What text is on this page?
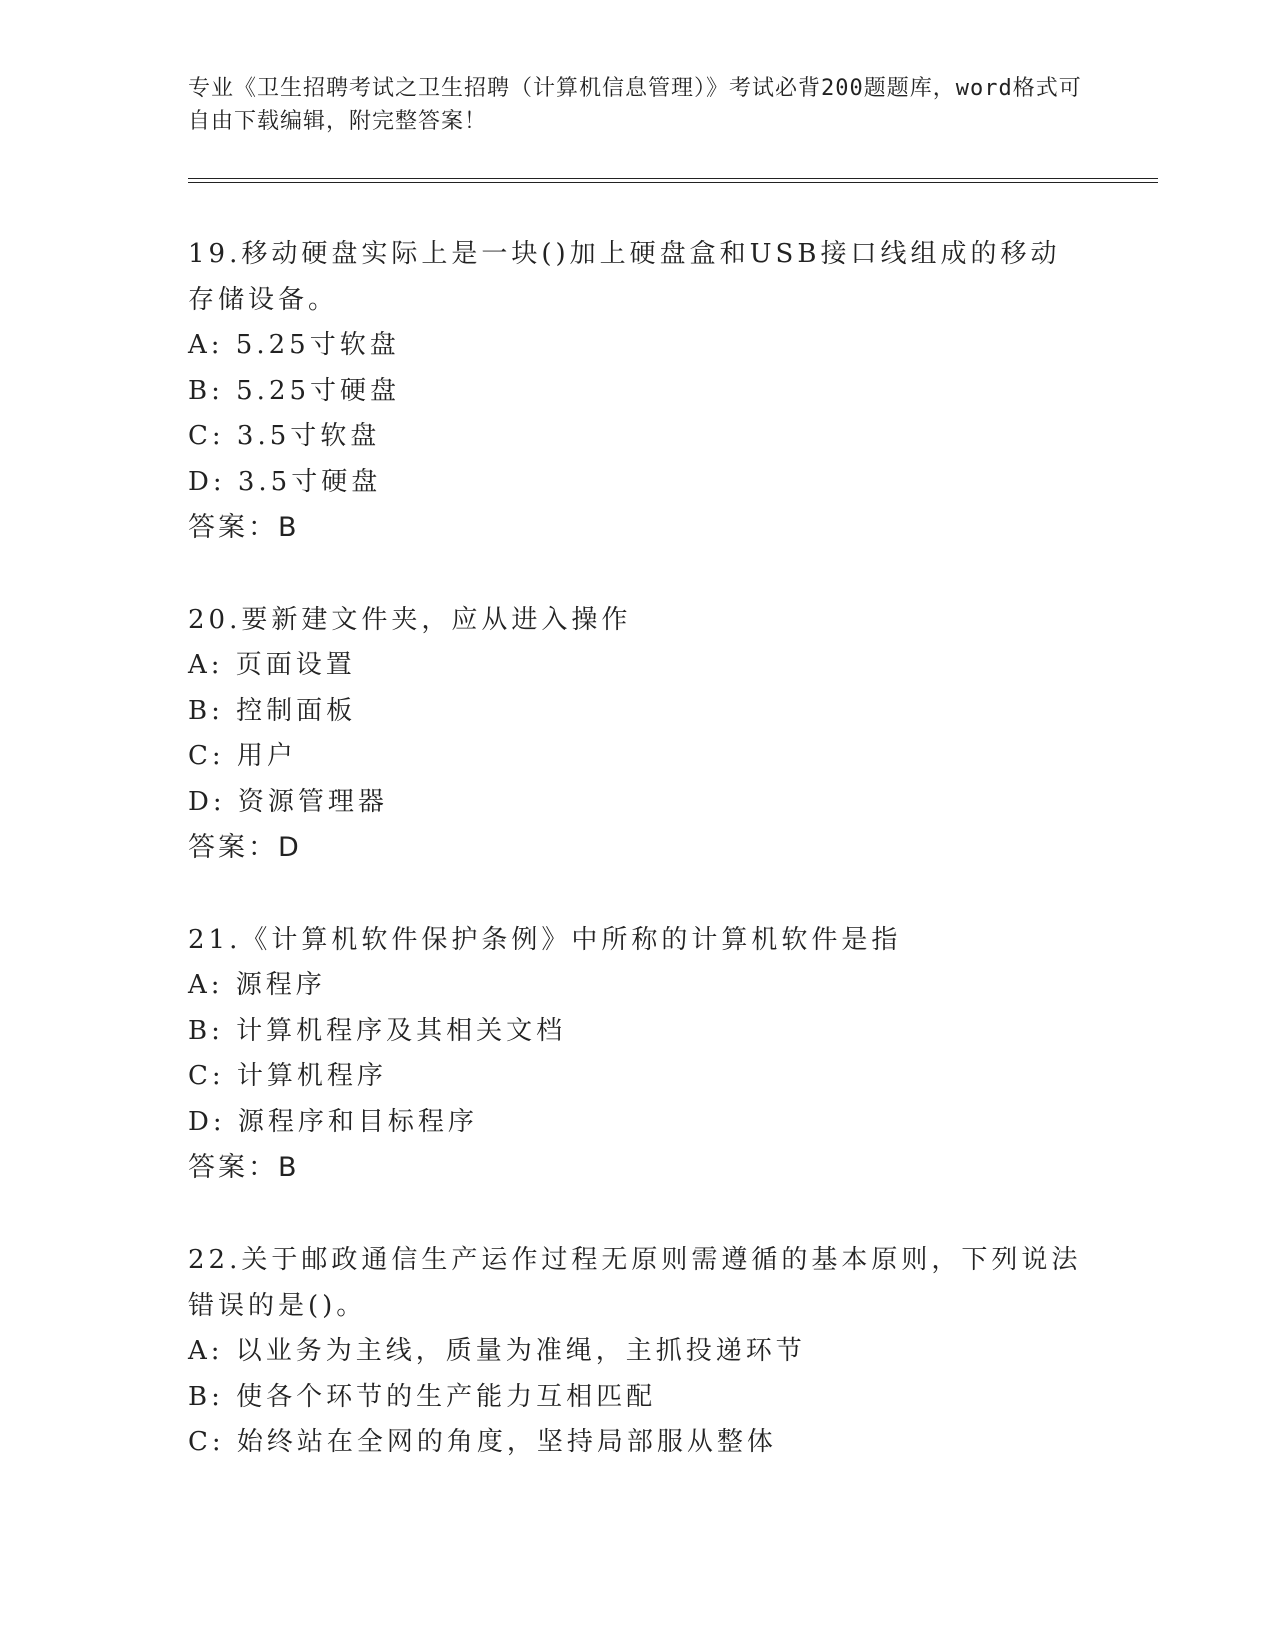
专业《卫生招聘考试之卫生招聘（计算机信息管理）》考试必背200题题库，word格式可自由下载编辑，附完整答案！
19.移动硬盘实际上是一块()加上硬盘盒和USB接口线组成的移动存储设备。
A: 5.25寸软盘
B: 5.25寸硬盘
C: 3.5寸软盘
D: 3.5寸硬盘
答案：B
20.要新建文件夹，应从进入操作
A: 页面设置
B: 控制面板
C: 用户
D: 资源管理器
答案：D
21.《计算机软件保护条例》中所称的计算机软件是指
A: 源程序
B: 计算机程序及其相关文档
C: 计算机程序
D: 源程序和目标程序
答案：B
22.关于邮政通信生产运作过程无原则需遵循的基本原则，下列说法错误的是()。
A: 以业务为主线，质量为准绳，主抓投递环节
B: 使各个环节的生产能力互相匹配
C: 始终站在全网的角度，坚持局部服从整体
